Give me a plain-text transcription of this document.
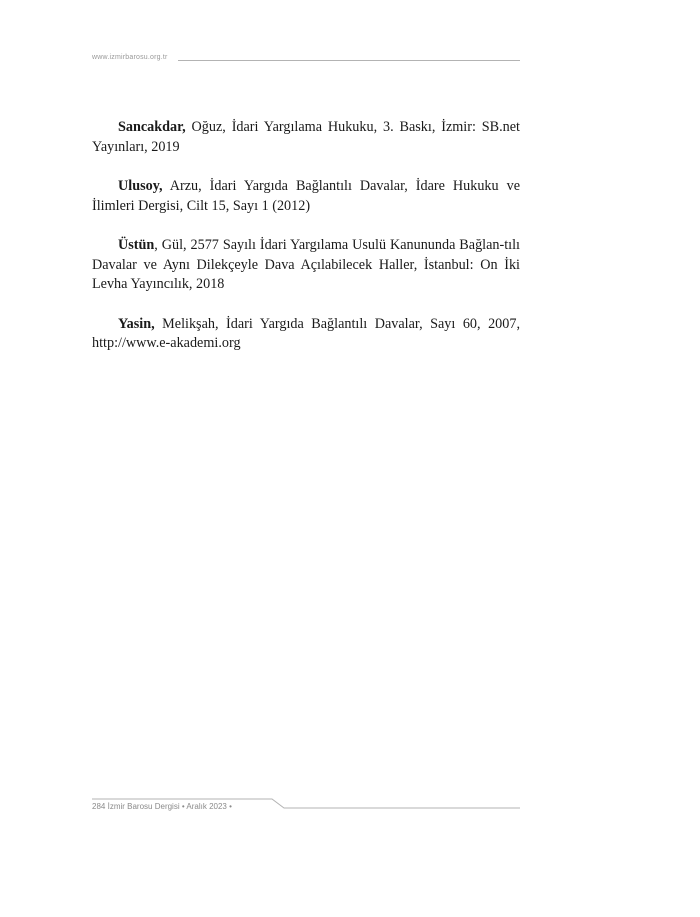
www.izmirbarosu.org.tr

Sancakdar, Oğuz, İdari Yargılama Hukuku, 3. Baskı, İzmir: SB.net Yayınları, 2019

Ulusoy, Arzu, İdari Yargıda Bağlantılı Davalar, İdare Hukuku ve İlimleri Dergisi, Cilt 15, Sayı 1 (2012)

Üstün, Gül, 2577 Sayılı İdari Yargılama Usulü Kanununda Bağlan-tılı Davalar ve Aynı Dilekçeyle Dava Açılabilecek Haller, İstanbul: On İki Levha Yayıncılık, 2018

Yasin, Melikşah, İdari Yargıda Bağlantılı Davalar, Sayı 60, 2007, http://www.e-akademi.org

284 İzmir Barosu Dergisi • Aralık 2023 •
